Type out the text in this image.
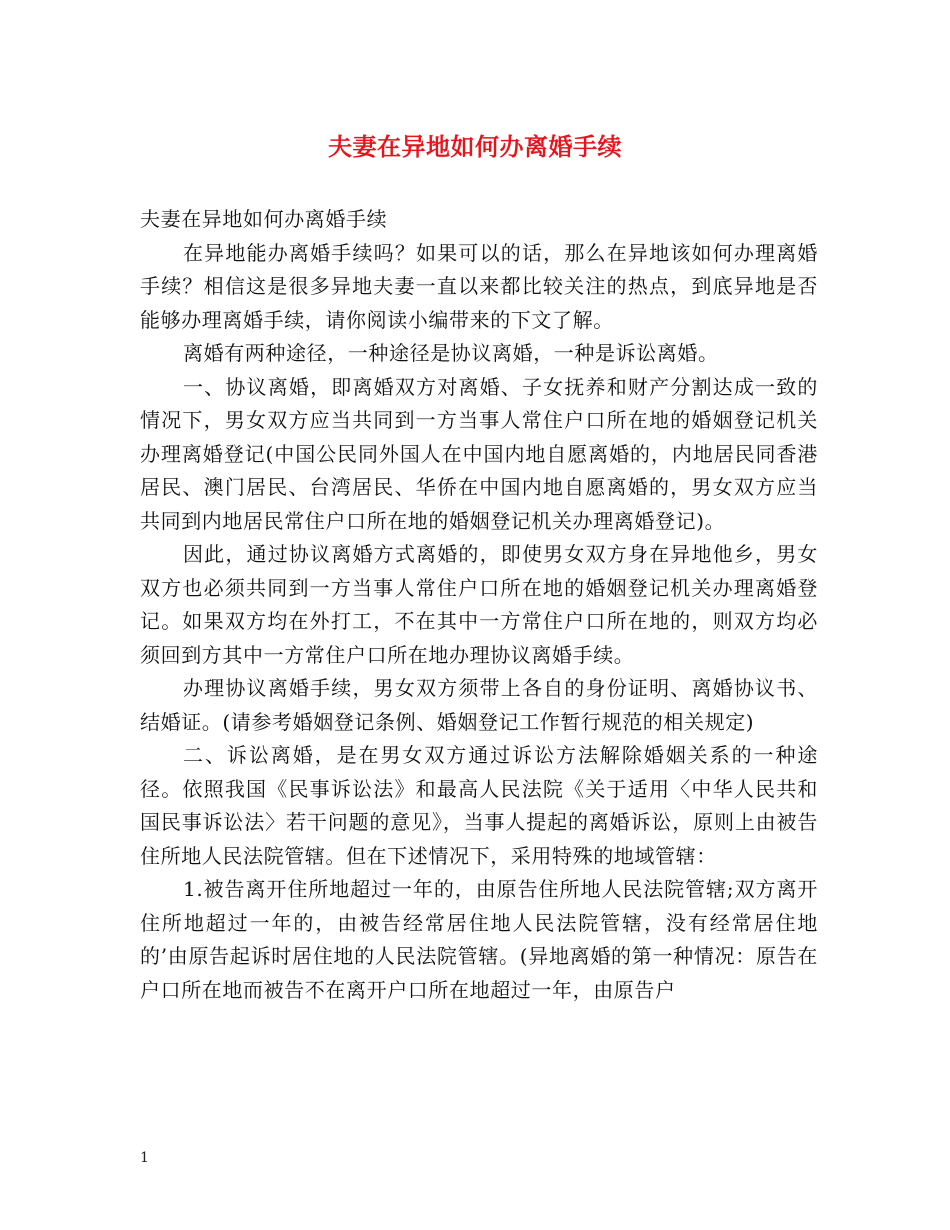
夫妻在异地如何办离婚手续

夫妻在异地如何办离婚手续

在异地能办离婚手续吗？如果可以的话，那么在异地该如何办理离婚手续？相信这是很多异地夫妻一直以来都比较关注的热点，到底异地是否能够办理离婚手续，请你阅读小编带来的下文了解。

离婚有两种途径，一种途径是协议离婚，一种是诉讼离婚。

一、协议离婚，即离婚双方对离婚、子女抚养和财产分割达成一致的情况下，男女双方应当共同到一方当事人常住户口所在地的婚姻登记机关办理离婚登记(中国公民同外国人在中国内地自愿离婚的，内地居民同香港居民、澳门居民、台湾居民、华侨在中国内地自愿离婚的，男女双方应当共同到内地居民常住户口所在地的婚姻登记机关办理离婚登记)。

因此，通过协议离婚方式离婚的，即使男女双方身在异地他乡，男女双方也必须共同到一方当事人常住户口所在地的婚姻登记机关办理离婚登记。如果双方均在外打工，不在其中一方常住户口所在地的，则双方均必须回到方其中一方常住户口所在地办理协议离婚手续。

办理协议离婚手续，男女双方须带上各自的身份证明、离婚协议书、结婚证。(请参考婚姻登记条例、婚姻登记工作暂行规范的相关规定)

二、诉讼离婚，是在男女双方通过诉讼方法解除婚姻关系的一种途径。依照我国《民事诉讼法》和最高人民法院《关于适用〈中华人民共和国民事诉讼法〉若干问题的意见》，当事人提起的离婚诉讼，原则上由被告住所地人民法院管辖。但在下述情况下，采用特殊的地域管辖：

1.被告离开住所地超过一年的，由原告住所地人民法院管辖;双方离开住所地超过一年的，由被告经常居住地人民法院管辖，没有经常居住地的’由原告起诉时居住地的人民法院管辖。(异地离婚的第一种情况：原告在户口所在地而被告不在离开户口所在地超过一年，由原告户

1
